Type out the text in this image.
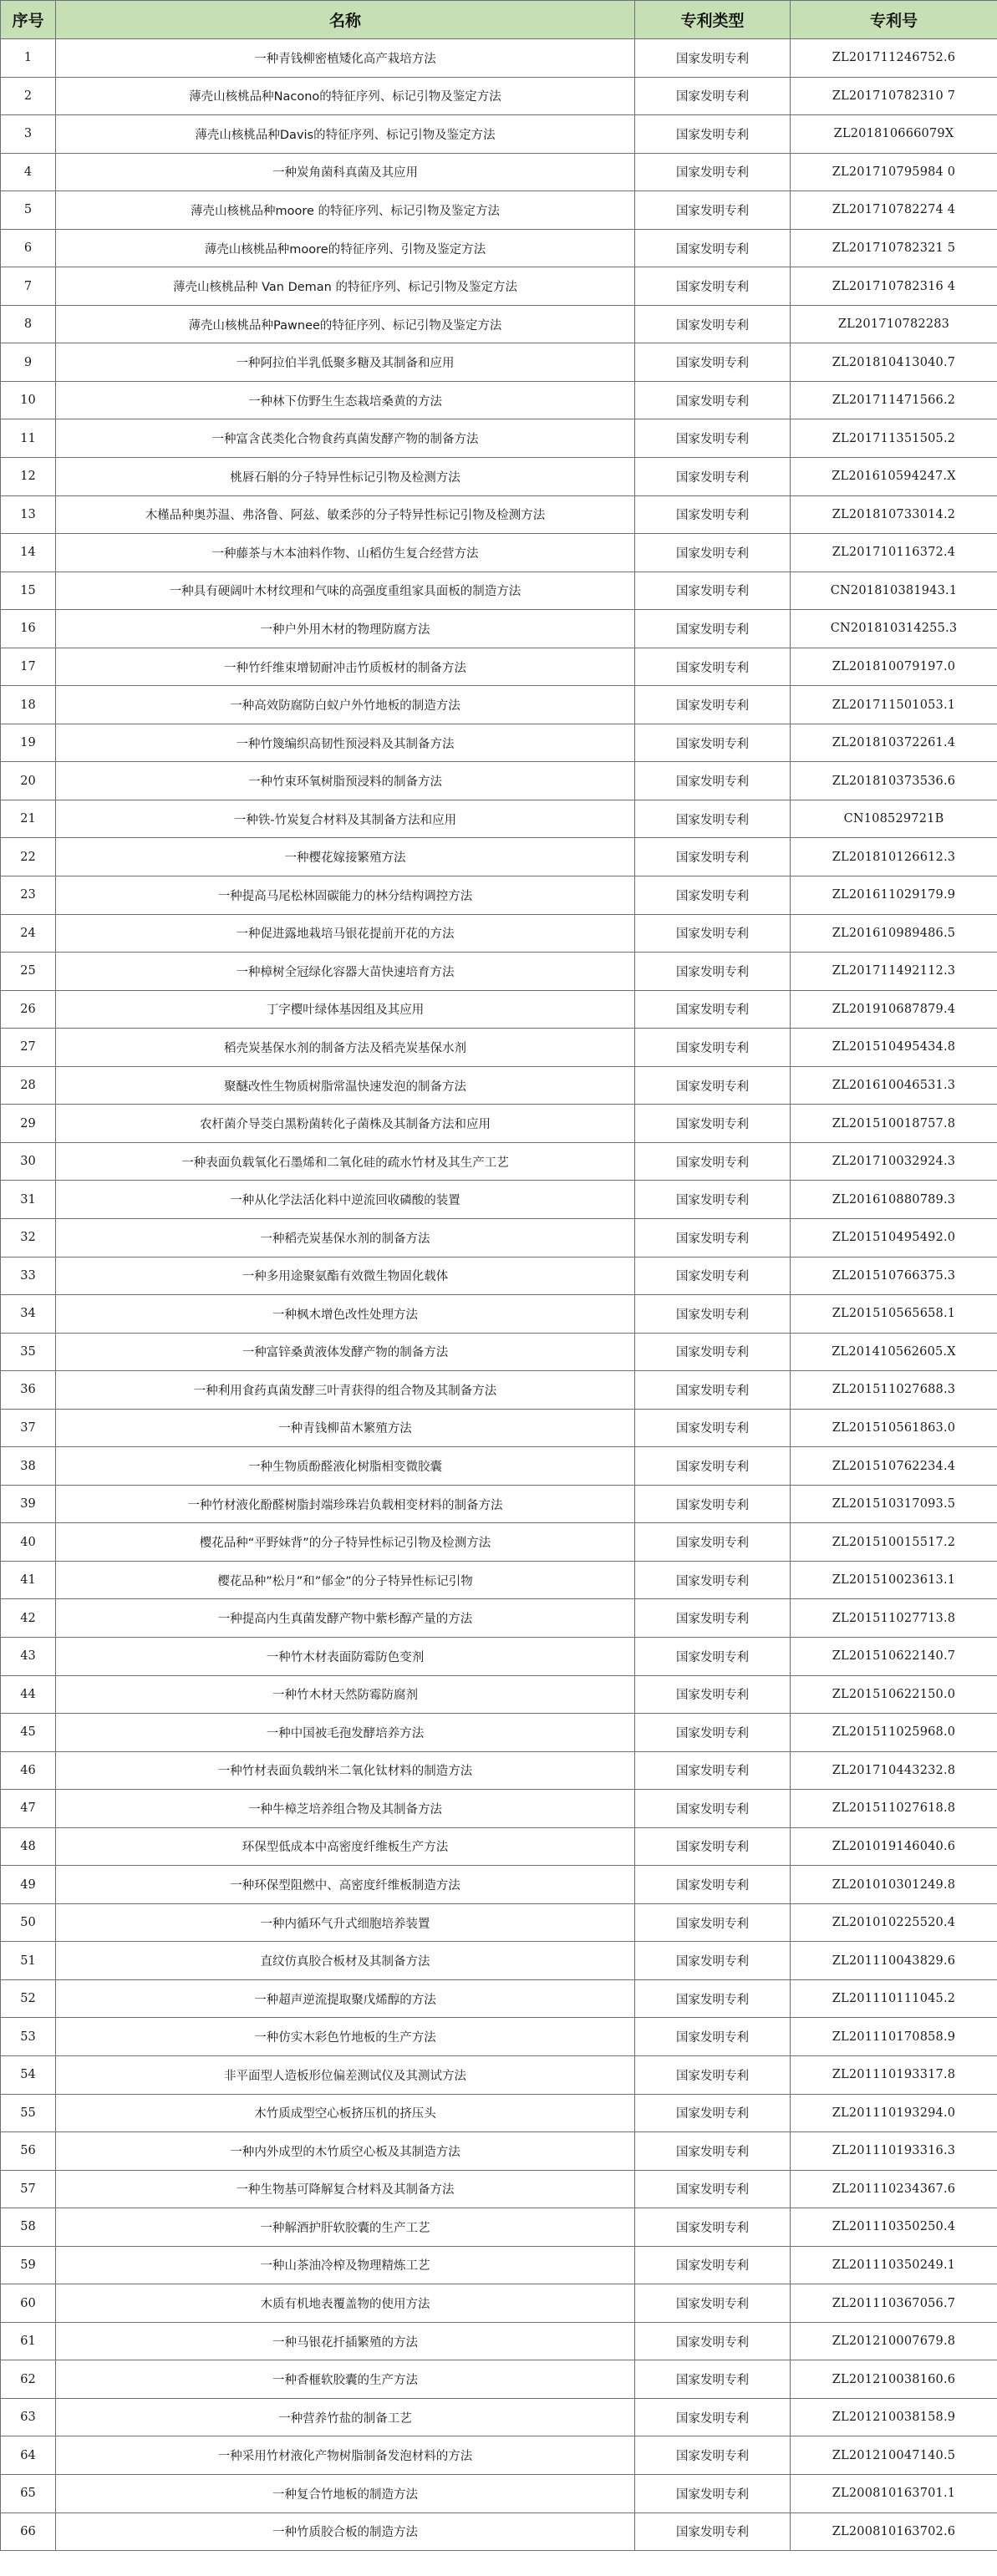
序号	名称	专利类型	专利号
1	一种青钱柳密植矮化高产栽培方法	国家发明专利	ZL201711246752.6
2	薄壳山核桃品种Nacono的特征序列、标记引物及鉴定方法	国家发明专利	ZL201710782310 7
3	薄壳山核桃品种Davis的特征序列、标记引物及鉴定方法	国家发明专利	ZL201810666079X
4	一种炭角菌科真菌及其应用	国家发明专利	ZL201710795984 0
5	薄壳山核桃品种moore 的特征序列、标记引物及鉴定方法	国家发明专利	ZL201710782274 4
6	薄壳山核桃品种moore的特征序列、引物及鉴定方法	国家发明专利	ZL201710782321 5
7	薄壳山核桃品种 Van Deman 的特征序列、标记引物及鉴定方法	国家发明专利	ZL201710782316 4
8	薄壳山核桃品种Pawnee的特征序列、标记引物及鉴定方法	国家发明专利	ZL201710782283
9	一种阿拉伯半乳低聚多糖及其制备和应用	国家发明专利	ZL201810413040.7
10	一种林下仿野生生态栽培桑黄的方法	国家发明专利	ZL201711471566.2
11	一种富含芪类化合物食药真菌发酵产物的制备方法	国家发明专利	ZL201711351505.2
12	桃唇石斛的分子特异性标记引物及检测方法	国家发明专利	ZL201610594247.X
13	木槿品种奥苏温、弗洛鲁、阿兹、敏柔莎的分子特异性标记引物及检测方法	国家发明专利	ZL201810733014.2
14	一种藤茶与木本油料作物、山稻仿生复合经营方法	国家发明专利	ZL201710116372.4
15	一种具有硬阔叶木材纹理和气味的高强度重组家具面板的制造方法	国家发明专利	CN201810381943.1
16	一种户外用木材的物理防腐方法	国家发明专利	CN201810314255.3
17	一种竹纤维束增韧耐冲击竹质板材的制备方法	国家发明专利	ZL201810079197.0
18	一种高效防腐防白蚁户外竹地板的制造方法	国家发明专利	ZL201711501053.1
19	一种竹篾编织高韧性预浸料及其制备方法	国家发明专利	ZL201810372261.4
20	一种竹束环氧树脂预浸料的制备方法	国家发明专利	ZL201810373536.6
21	一种铁-竹炭复合材料及其制备方法和应用	国家发明专利	CN108529721B
22	一种樱花嫁接繁殖方法	国家发明专利	ZL201810126612.3
23	一种提高马尾松林固碳能力的林分结构调控方法	国家发明专利	ZL201611029179.9
24	一种促进露地栽培马银花提前开花的方法	国家发明专利	ZL201610989486.5
25	一种樟树全冠绿化容器大苗快速培育方法	国家发明专利	ZL201711492112.3
26	丁字樱叶绿体基因组及其应用	国家发明专利	ZL201910687879.4
27	稻壳炭基保水剂的制备方法及稻壳炭基保水剂	国家发明专利	ZL201510495434.8
28	聚醚改性生物质树脂常温快速发泡的制备方法	国家发明专利	ZL201610046531.3
29	农杆菌介导茭白黑粉菌转化子菌株及其制备方法和应用	国家发明专利	ZL201510018757.8
30	一种表面负载氧化石墨烯和二氧化硅的疏水竹材及其生产工艺	国家发明专利	ZL201710032924.3
31	一种从化学法活化料中逆流回收磷酸的装置	国家发明专利	ZL201610880789.3
32	一种稻壳炭基保水剂的制备方法	国家发明专利	ZL201510495492.0
33	一种多用途聚氨酯有效微生物固化载体	国家发明专利	ZL201510766375.3
34	一种枫木增色改性处理方法	国家发明专利	ZL201510565658.1
35	一种富锌桑黄液体发酵产物的制备方法	国家发明专利	ZL201410562605.X
36	一种利用食药真菌发酵三叶青获得的组合物及其制备方法	国家发明专利	ZL201511027688.3
37	一种青钱柳苗木繁殖方法	国家发明专利	ZL201510561863.0
38	一种生物质酚醛液化树脂相变微胶囊	国家发明专利	ZL201510762234.4
39	一种竹材液化酚醛树脂封端珍珠岩负载相变材料的制备方法	国家发明专利	ZL201510317093.5
40	樱花品种“平野妹背”的分子特异性标记引物及检测方法	国家发明专利	ZL201510015517.2
41	樱花品种”松月”和”郁金”的分子特异性标记引物	国家发明专利	ZL201510023613.1
42	一种提高内生真菌发酵产物中紫杉醇产量的方法	国家发明专利	ZL201511027713.8
43	一种竹木材表面防霉防色变剂	国家发明专利	ZL201510622140.7
44	一种竹木材天然防霉防腐剂	国家发明专利	ZL201510622150.0
45	一种中国被毛孢发酵培养方法	国家发明专利	ZL201511025968.0
46	一种竹材表面负载纳米二氧化钛材料的制造方法	国家发明专利	ZL201710443232.8
47	一种牛樟芝培养组合物及其制备方法	国家发明专利	ZL201511027618.8
48	环保型低成本中高密度纤维板生产方法	国家发明专利	ZL201019146040.6
49	一种环保型阻燃中、高密度纤维板制造方法	国家发明专利	ZL201010301249.8
50	一种内循环气升式细胞培养装置	国家发明专利	ZL201010225520.4
51	直纹仿真胶合板材及其制备方法	国家发明专利	ZL201110043829.6
52	一种超声逆流提取聚戊烯醇的方法	国家发明专利	ZL201110111045.2
53	一种仿实木彩色竹地板的生产方法	国家发明专利	ZL201110170858.9
54	非平面型人造板形位偏差测试仪及其测试方法	国家发明专利	ZL201110193317.8
55	木竹质成型空心板挤压机的挤压头	国家发明专利	ZL201110193294.0
56	一种内外成型的木竹质空心板及其制造方法	国家发明专利	ZL201110193316.3
57	一种生物基可降解复合材料及其制备方法	国家发明专利	ZL201110234367.6
58	一种解酒护肝软胶囊的生产工艺	国家发明专利	ZL201110350250.4
59	一种山茶油冷榨及物理精炼工艺	国家发明专利	ZL201110350249.1
60	木质有机地表覆盖物的使用方法	国家发明专利	ZL201110367056.7
61	一种马银花扦插繁殖的方法	国家发明专利	ZL201210007679.8
62	一种香榧软胶囊的生产方法	国家发明专利	ZL201210038160.6
63	一种营养竹盐的制备工艺	国家发明专利	ZL201210038158.9
64	一种采用竹材液化产物树脂制备发泡材料的方法	国家发明专利	ZL201210047140.5
65	一种复合竹地板的制造方法	国家发明专利	ZL200810163701.1
66	一种竹质胶合板的制造方法	国家发明专利	ZL200810163702.6
